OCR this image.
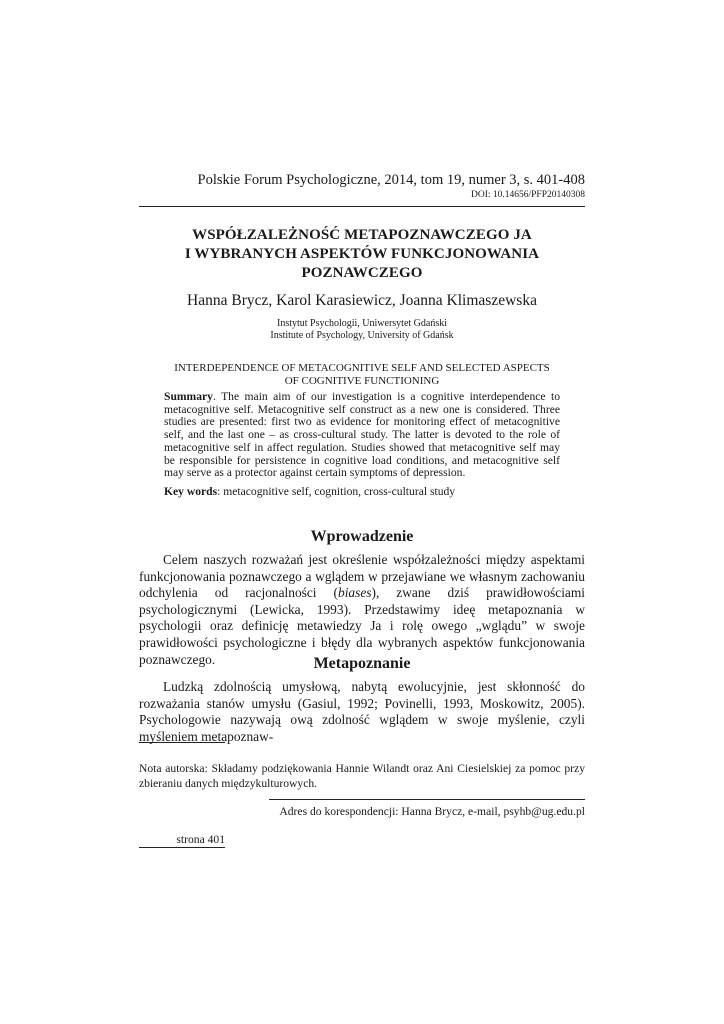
Polskie Forum Psychologiczne, 2014, tom 19, numer 3, s. 401-408
DOI: 10.14656/PFP20140308
WSPÓŁZALEŻNOŚĆ METAPOZNAWCZEGO JA
I WYBRANYCH ASPEKTÓW FUNKCJONOWANIA
POZNAWCZEGO
Hanna Brycz, Karol Karasiewicz, Joanna Klimaszewska
Instytut Psychologii, Uniwersytet Gdański
Institute of Psychology, University of Gdańsk
INTERDEPENDENCE OF METACOGNITIVE SELF AND SELECTED ASPECTS
OF COGNITIVE FUNCTIONING
Summary. The main aim of our investigation is a cognitive interdependence to metacognitive self. Metacognitive self construct as a new one is considered. Three studies are presented: first two as evidence for monitoring effect of metacognitive self, and the last one – as cross-cultural study. The latter is devoted to the role of metacognitive self in affect regulation. Studies showed that metacognitive self may be responsible for persistence in cognitive load conditions, and metacognitive self may serve as a protector against certain symptoms of depression.
Key words: metacognitive self, cognition, cross-cultural study
Wprowadzenie
Celem naszych rozważań jest określenie współzależności między aspektami funkcjonowania poznawczego a wglądem w przejawiane we własnym zachowaniu odchylenia od racjonalności (biases), zwane dziś prawidłowościami psychologicznymi (Lewicka, 1993). Przedstawimy ideę metapoznania w psychologii oraz definicję metawiedzy Ja i rolę owego „wglądu” w swoje prawidłowości psychologiczne i błędy dla wybranych aspektów funkcjonowania poznawczego.	Metapoznanie
Ludzką zdolnością umysłową, nabytą ewolucyjnie, jest skłonność do rozważania stanów umysłu (Gasiul, 1992; Povinelli, 1993, Moskowitz, 2005). Psychologowie nazywają ową zdolność wglądem w swoje myślenie, czyli myśleniem metapoznaw-
Nota autorska: Składamy podziękowania Hannie Wilandt oraz Ani Ciesielskiej za pomoc przy zbieraniu danych międzykulturowych.
Adres do korespondencji: Hanna Brycz, e-mail, psyhb@ug.edu.pl
strona 401
